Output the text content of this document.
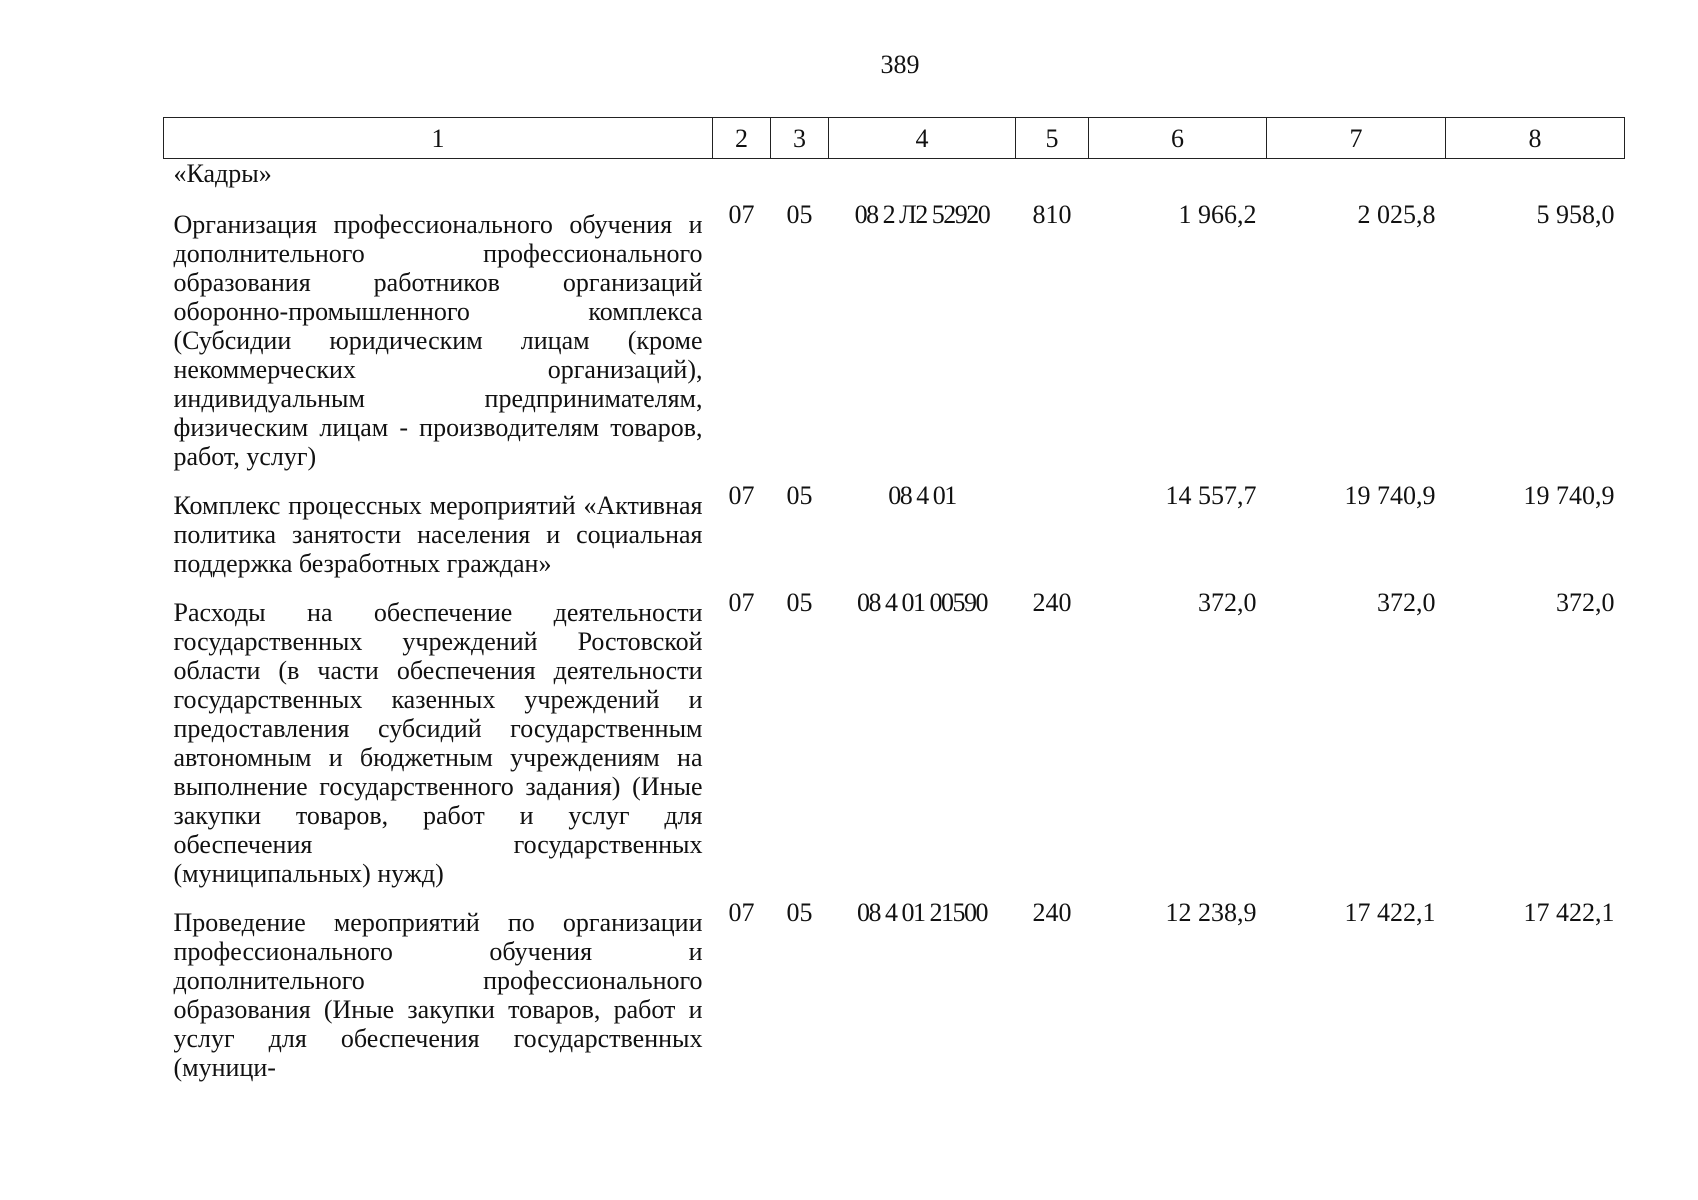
389
1	2	3	4	5	6	7	8
«Кадры»							
Организация профессионального обучения и дополнительного профессионального образования работников организаций оборонно-промышленного комплекса (Субсидии юридическим лицам (кроме некоммерческих организаций), индивидуальным предпринимателям, физическим лицам - производителям товаров, работ, услуг)	07	05	08 2 Л2 52920	810	1 966,2	2 025,8	5 958,0
Комплекс процессных мероприятий «Активная политика занятости населения и социальная поддержка безработных граждан»	07	05	08 4 01		14 557,7	19 740,9	19 740,9
Расходы на обеспечение деятельности государственных учреждений Ростовской области (в части обеспечения деятельности государственных казенных учреждений и предоставления субсидий государственным автономным и бюджетным учреждениям на выполнение государственного задания) (Иные закупки товаров, работ и услуг для обеспечения государственных (муниципальных) нужд)	07	05	08 4 01 00590	240	372,0	372,0	372,0
Проведение мероприятий по организации профессионального обучения и дополнительного профессионального образования (Иные закупки товаров, работ и услуг для обеспечения государственных (муници-	07	05	08 4 01 21500	240	12 238,9	17 422,1	17 422,1
